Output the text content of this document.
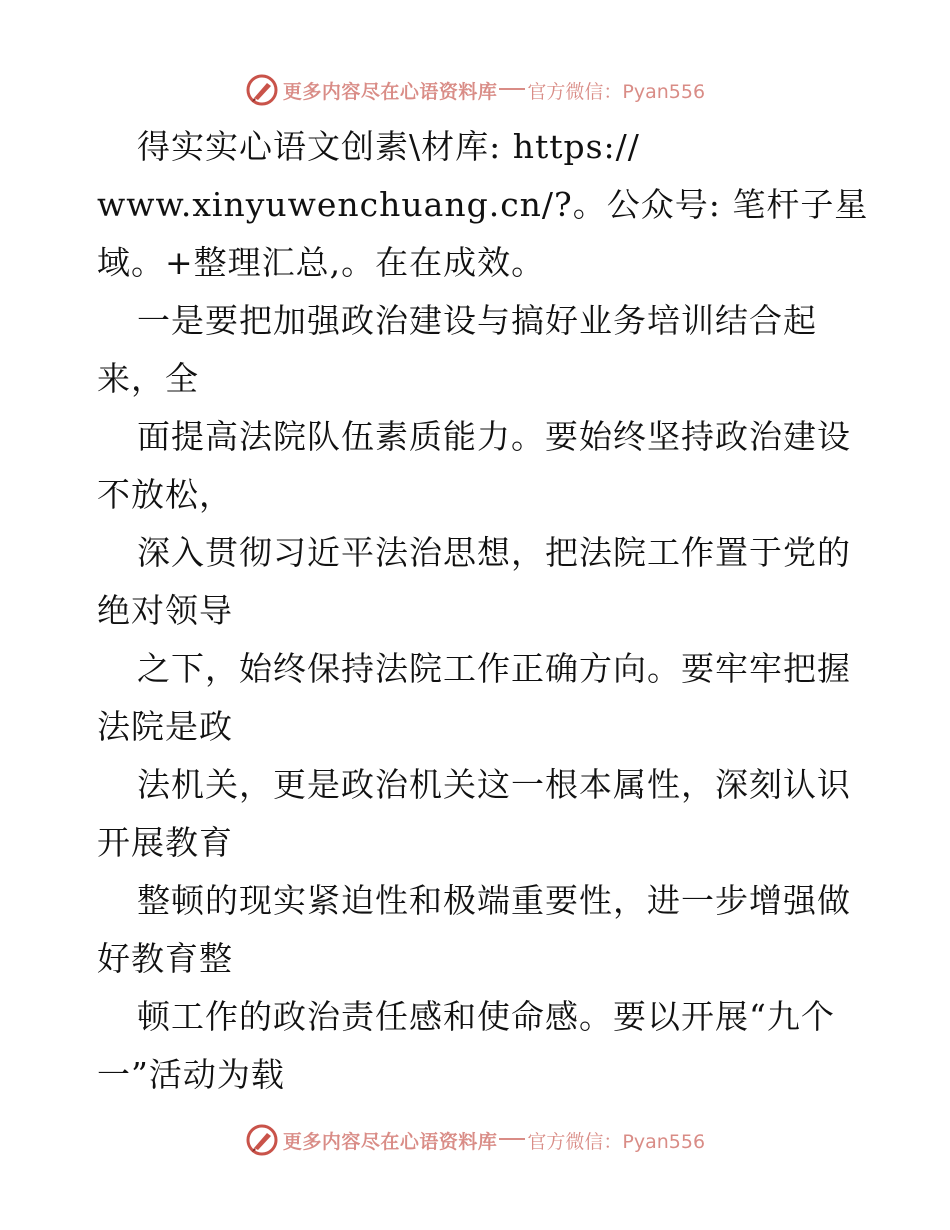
更多内容尽在心语资料库 官方微信：Pyan556
得实实心语文创素\材库: https://
www.xinyuwenchuang.cn/?。公众号: 笔杆子星
域。+整理汇总,。在在成效。
一是要把加强政治建设与搞好业务培训结合起
来，全
面提高法院队伍素质能力。要始终坚持政治建设
不放松，
深入贯彻习近平法治思想，把法院工作置于党的
绝对领导
之下，始终保持法院工作正确方向。要牢牢把握
法院是政
法机关，更是政治机关这一根本属性，深刻认识
开展教育
整顿的现实紧迫性和极端重要性，进一步增强做
好教育整
顿工作的政治责任感和使命感。要以开展“九个
一”活动为载
更多内容尽在心语资料库 官方微信：Pyan556
